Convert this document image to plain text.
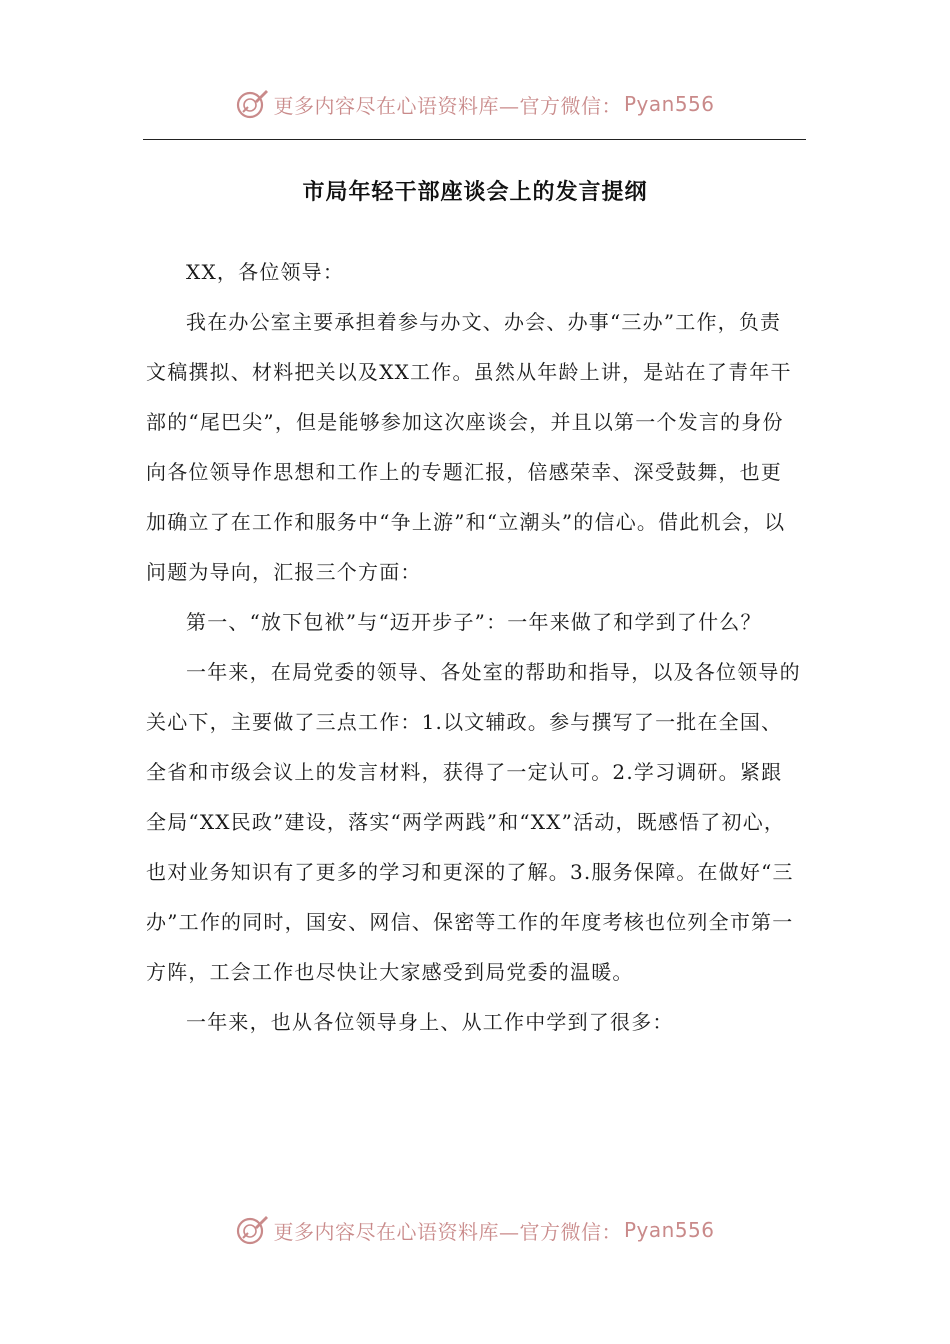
更多内容尽在心语资料库—官方微信： Pyan556
市局年轻干部座谈会上的发言提纲

XX，各位领导：

我在办公室主要承担着参与办文、办会、办事“三办”工作，负责文稿撰拟、材料把关以及XX工作。虽然从年龄上讲，是站在了青年干部的“尾巴尖”，但是能够参加这次座谈会，并且以第一个发言的身份向各位领导作思想和工作上的专题汇报，倍感荣幸、深受鼓舞，也更加确立了在工作和服务中“争上游”和“立潮头”的信心。借此机会，以问题为导向，汇报三个方面：

第一、“放下包袱”与“迈开步子”：一年来做了和学到了什么？

一年来，在局党委的领导、各处室的帮助和指导，以及各位领导的关心下，主要做了三点工作：1.以文辅政。参与撰写了一批在全国、全省和市级会议上的发言材料，获得了一定认可。2.学习调研。紧跟全局“XX民政”建设，落实“两学两践”和“XX”活动，既感悟了初心，也对业务知识有了更多的学习和更深的了解。3.服务保障。在做好“三办”工作的同时，国安、网信、保密等工作的年度考核也位列全市第一方阵，工会工作也尽快让大家感受到局党委的温暖。

一年来，也从各位领导身上、从工作中学到了很多：

更多内容尽在心语资料库—官方微信： Pyan556
